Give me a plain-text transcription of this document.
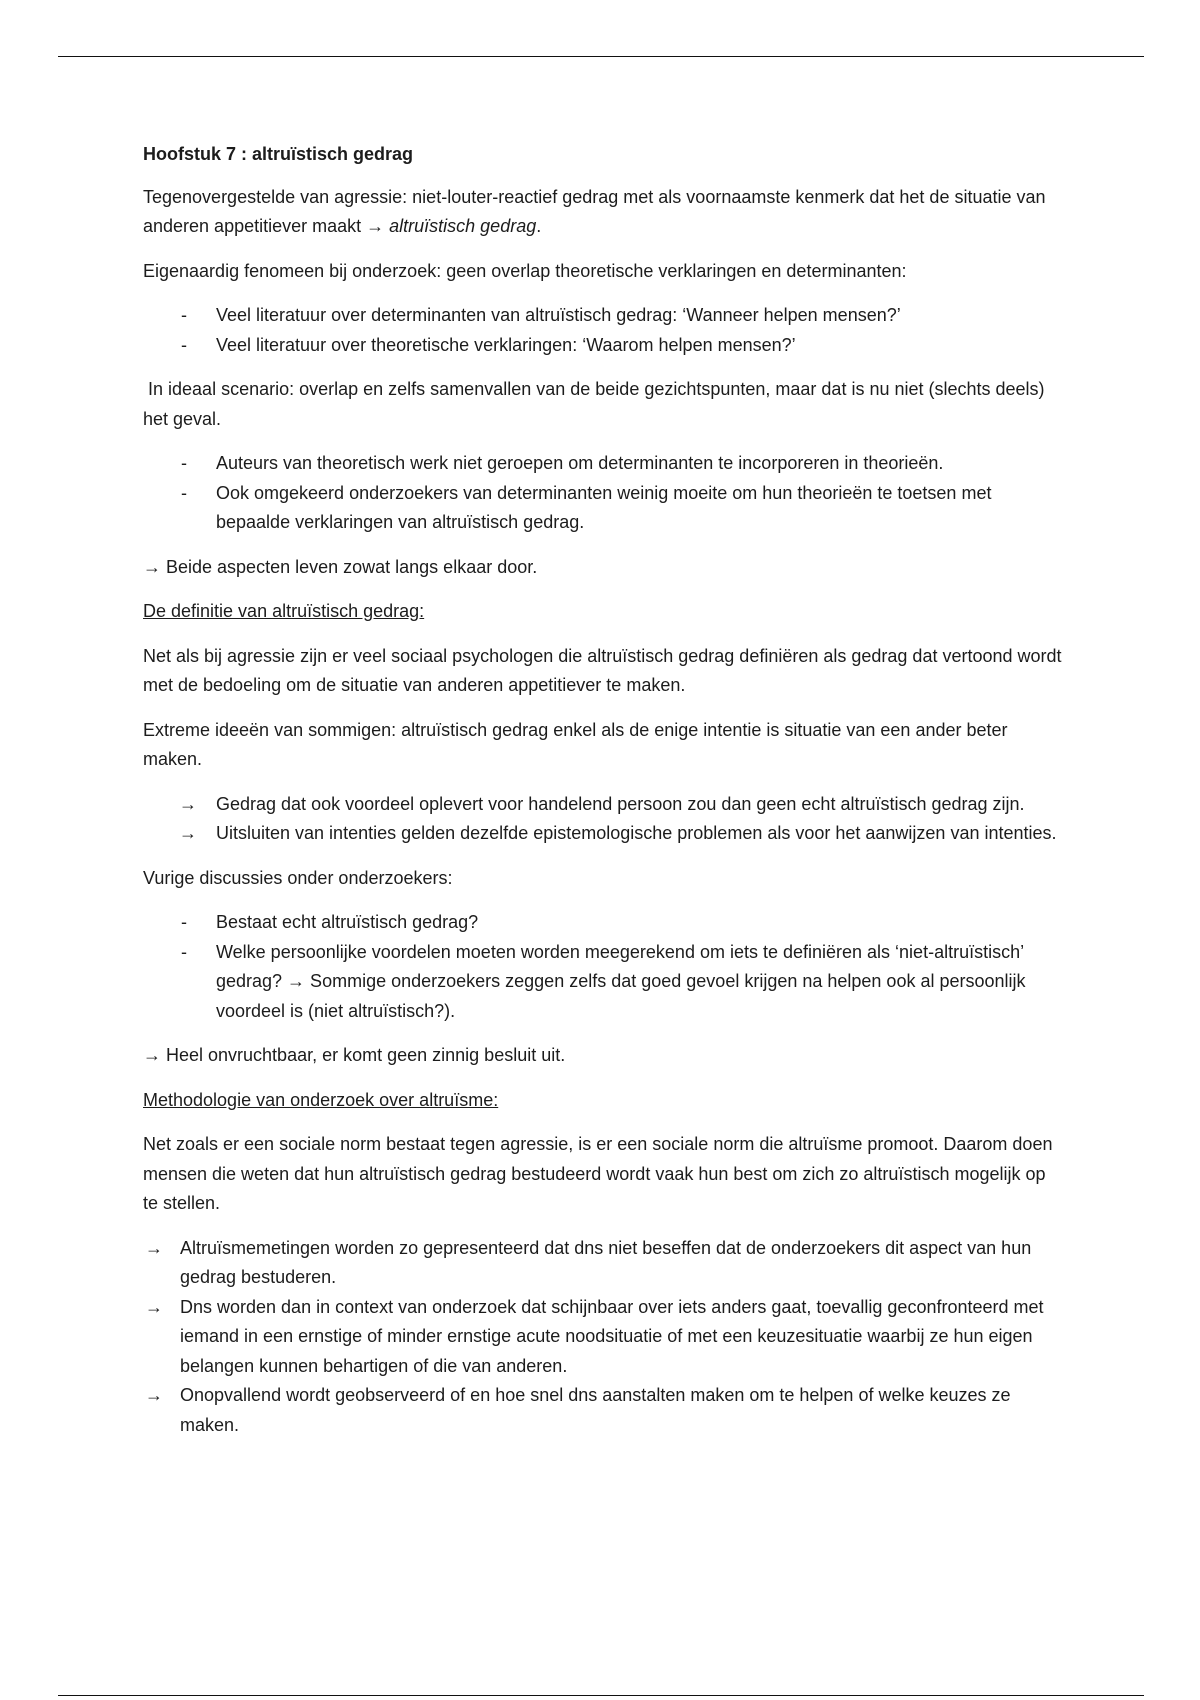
Hoofstuk 7 : altruïstisch gedrag

Tegenovergestelde van agressie: niet-louter-reactief gedrag met als voornaamste kenmerk dat het de situatie van anderen appetitiever maakt → altruïstisch gedrag.

Eigenaardig fenomeen bij onderzoek: geen overlap theoretische verklaringen en determinanten:

- Veel literatuur over determinanten van altruïstisch gedrag: ‘Wanneer helpen mensen?’
- Veel literatuur over theoretische verklaringen: ‘Waarom helpen mensen?’

In ideaal scenario: overlap en zelfs samenvallen van de beide gezichtspunten, maar dat is nu niet (slechts deels) het geval.

- Auteurs van theoretisch werk niet geroepen om determinanten te incorporeren in theorieën.
- Ook omgekeerd onderzoekers van determinanten weinig moeite om hun theorieën te toetsen met bepaalde verklaringen van altruïstisch gedrag.

→ Beide aspecten leven zowat langs elkaar door.

De definitie van altruïstisch gedrag:

Net als bij agressie zijn er veel sociaal psychologen die altruïstisch gedrag definiëren als gedrag dat vertoond wordt met de bedoeling om de situatie van anderen appetitiever te maken.

Extreme ideeën van sommigen: altruïstisch gedrag enkel als de enige intentie is situatie van een ander beter maken.

→ Gedrag dat ook voordeel oplevert voor handelend persoon zou dan geen echt altruïstisch gedrag zijn.
→ Uitsluiten van intenties gelden dezelfde epistemologische problemen als voor het aanwijzen van intenties.

Vurige discussies onder onderzoekers:

- Bestaat echt altruïstisch gedrag?
- Welke persoonlijke voordelen moeten worden meegerekend om iets te definiëren als ‘niet-altruïstisch’ gedrag? → Sommige onderzoekers zeggen zelfs dat goed gevoel krijgen na helpen ook al persoonlijk voordeel is (niet altruïstisch?).

→ Heel onvruchtbaar, er komt geen zinnig besluit uit.

Methodologie van onderzoek over altruïsme:

Net zoals er een sociale norm bestaat tegen agressie, is er een sociale norm die altruïsme promoot. Daarom doen mensen die weten dat hun altruïstisch gedrag bestudeerd wordt vaak hun best om zich zo altruïstisch mogelijk op te stellen.

→ Altruïsmemetingen worden zo gepresenteerd dat dns niet beseffen dat de onderzoekers dit aspect van hun gedrag bestuderen.
→ Dns worden dan in context van onderzoek dat schijnbaar over iets anders gaat, toevallig geconfronteerd met iemand in een ernstige of minder ernstige acute noodsituatie of met een keuzesituatie waarbij ze hun eigen belangen kunnen behartigen of die van anderen.
→ Onopvallend wordt geobserveerd of en hoe snel dns aanstalten maken om te helpen of welke keuzes ze maken.
